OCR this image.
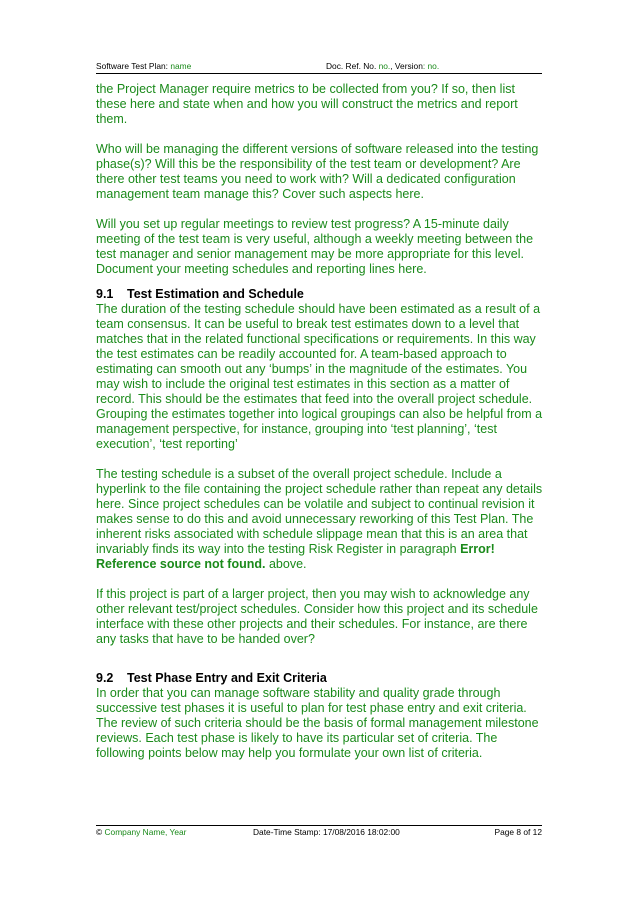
Software Test Plan: name	Doc. Ref. No. no., Version: no.

the Project Manager require metrics to be collected from you? If so, then list these here and state when and how you will construct the metrics and report them.

Who will be managing the different versions of software released into the testing phase(s)? Will this be the responsibility of the test team or development? Are there other test teams you need to work with? Will a dedicated configuration management team manage this? Cover such aspects here.

Will you set up regular meetings to review test progress? A 15-minute daily meeting of the test team is very useful, although a weekly meeting between the test manager and senior management may be more appropriate for this level. Document your meeting schedules and reporting lines here.

9.1 Test Estimation and Schedule

The duration of the testing schedule should have been estimated as a result of a team consensus. It can be useful to break test estimates down to a level that matches that in the related functional specifications or requirements. In this way the test estimates can be readily accounted for. A team-based approach to estimating can smooth out any ‘bumps’ in the magnitude of the estimates. You may wish to include the original test estimates in this section as a matter of record. This should be the estimates that feed into the overall project schedule. Grouping the estimates together into logical groupings can also be helpful from a management perspective, for instance, grouping into ‘test planning’, ‘test execution’, ‘test reporting’

The testing schedule is a subset of the overall project schedule. Include a hyperlink to the file containing the project schedule rather than repeat any details here. Since project schedules can be volatile and subject to continual revision it makes sense to do this and avoid unnecessary reworking of this Test Plan. The inherent risks associated with schedule slippage mean that this is an area that invariably finds its way into the testing Risk Register in paragraph Error! Reference source not found. above.

If this project is part of a larger project, then you may wish to acknowledge any other relevant test/project schedules. Consider how this project and its schedule interface with these other projects and their schedules. For instance, are there any tasks that have to be handed over?

9.2 Test Phase Entry and Exit Criteria

In order that you can manage software stability and quality grade through successive test phases it is useful to plan for test phase entry and exit criteria. The review of such criteria should be the basis of formal management milestone reviews. Each test phase is likely to have its particular set of criteria. The following points below may help you formulate your own list of criteria.

© Company Name, Year	Date-Time Stamp: 17/08/2016 18:02:00	Page 8 of 12
